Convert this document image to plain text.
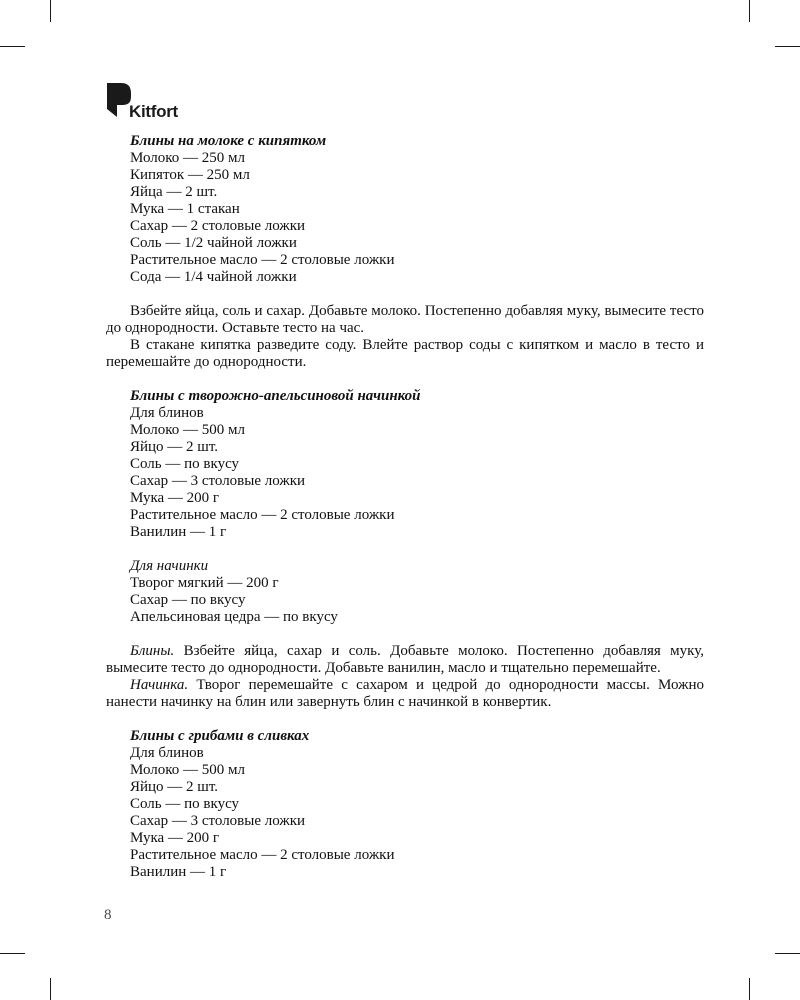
Kitfort

Блины на молоке с кипятком

Молоко — 250 мл

Кипяток — 250 мл

Яйца — 2 шт.

Мука — 1 стакан

Сахар — 2 столовые ложки

Соль — 1/2 чайной ложки

Растительное масло — 2 столовые ложки

Сода — 1/4 чайной ложки

Взбейте яйца, соль и сахар. Добавьте молоко. Постепенно добавляя муку, вымесите тесто до однородности. Оставьте тесто на час.

В стакане кипятка разведите соду. Влейте раствор соды с кипятком и масло в тесто и перемешайте до однородности.

Блины с творожно-апельсиновой начинкой

Для блинов

Молоко — 500 мл

Яйцо — 2 шт.

Соль — по вкусу

Сахар — 3 столовые ложки

Мука — 200 г

Растительное масло — 2 столовые ложки

Ванилин — 1 г

Для начинки

Творог мягкий — 200 г

Сахар — по вкусу

Апельсиновая цедра — по вкусу

Блины. Взбейте яйца, сахар и соль. Добавьте молоко. Постепенно добавляя муку, вымесите тесто до однородности. Добавьте ванилин, масло и тщательно перемешайте.

Начинка. Творог перемешайте с сахаром и цедрой до однородности массы. Можно нанести начинку на блин или завернуть блин с начинкой в конвертик.

Блины с грибами в сливках

Для блинов

Молоко — 500 мл

Яйцо — 2 шт.

Соль — по вкусу

Сахар — 3 столовые ложки

Мука — 200 г

Растительное масло — 2 столовые ложки

Ванилин — 1 г

8
